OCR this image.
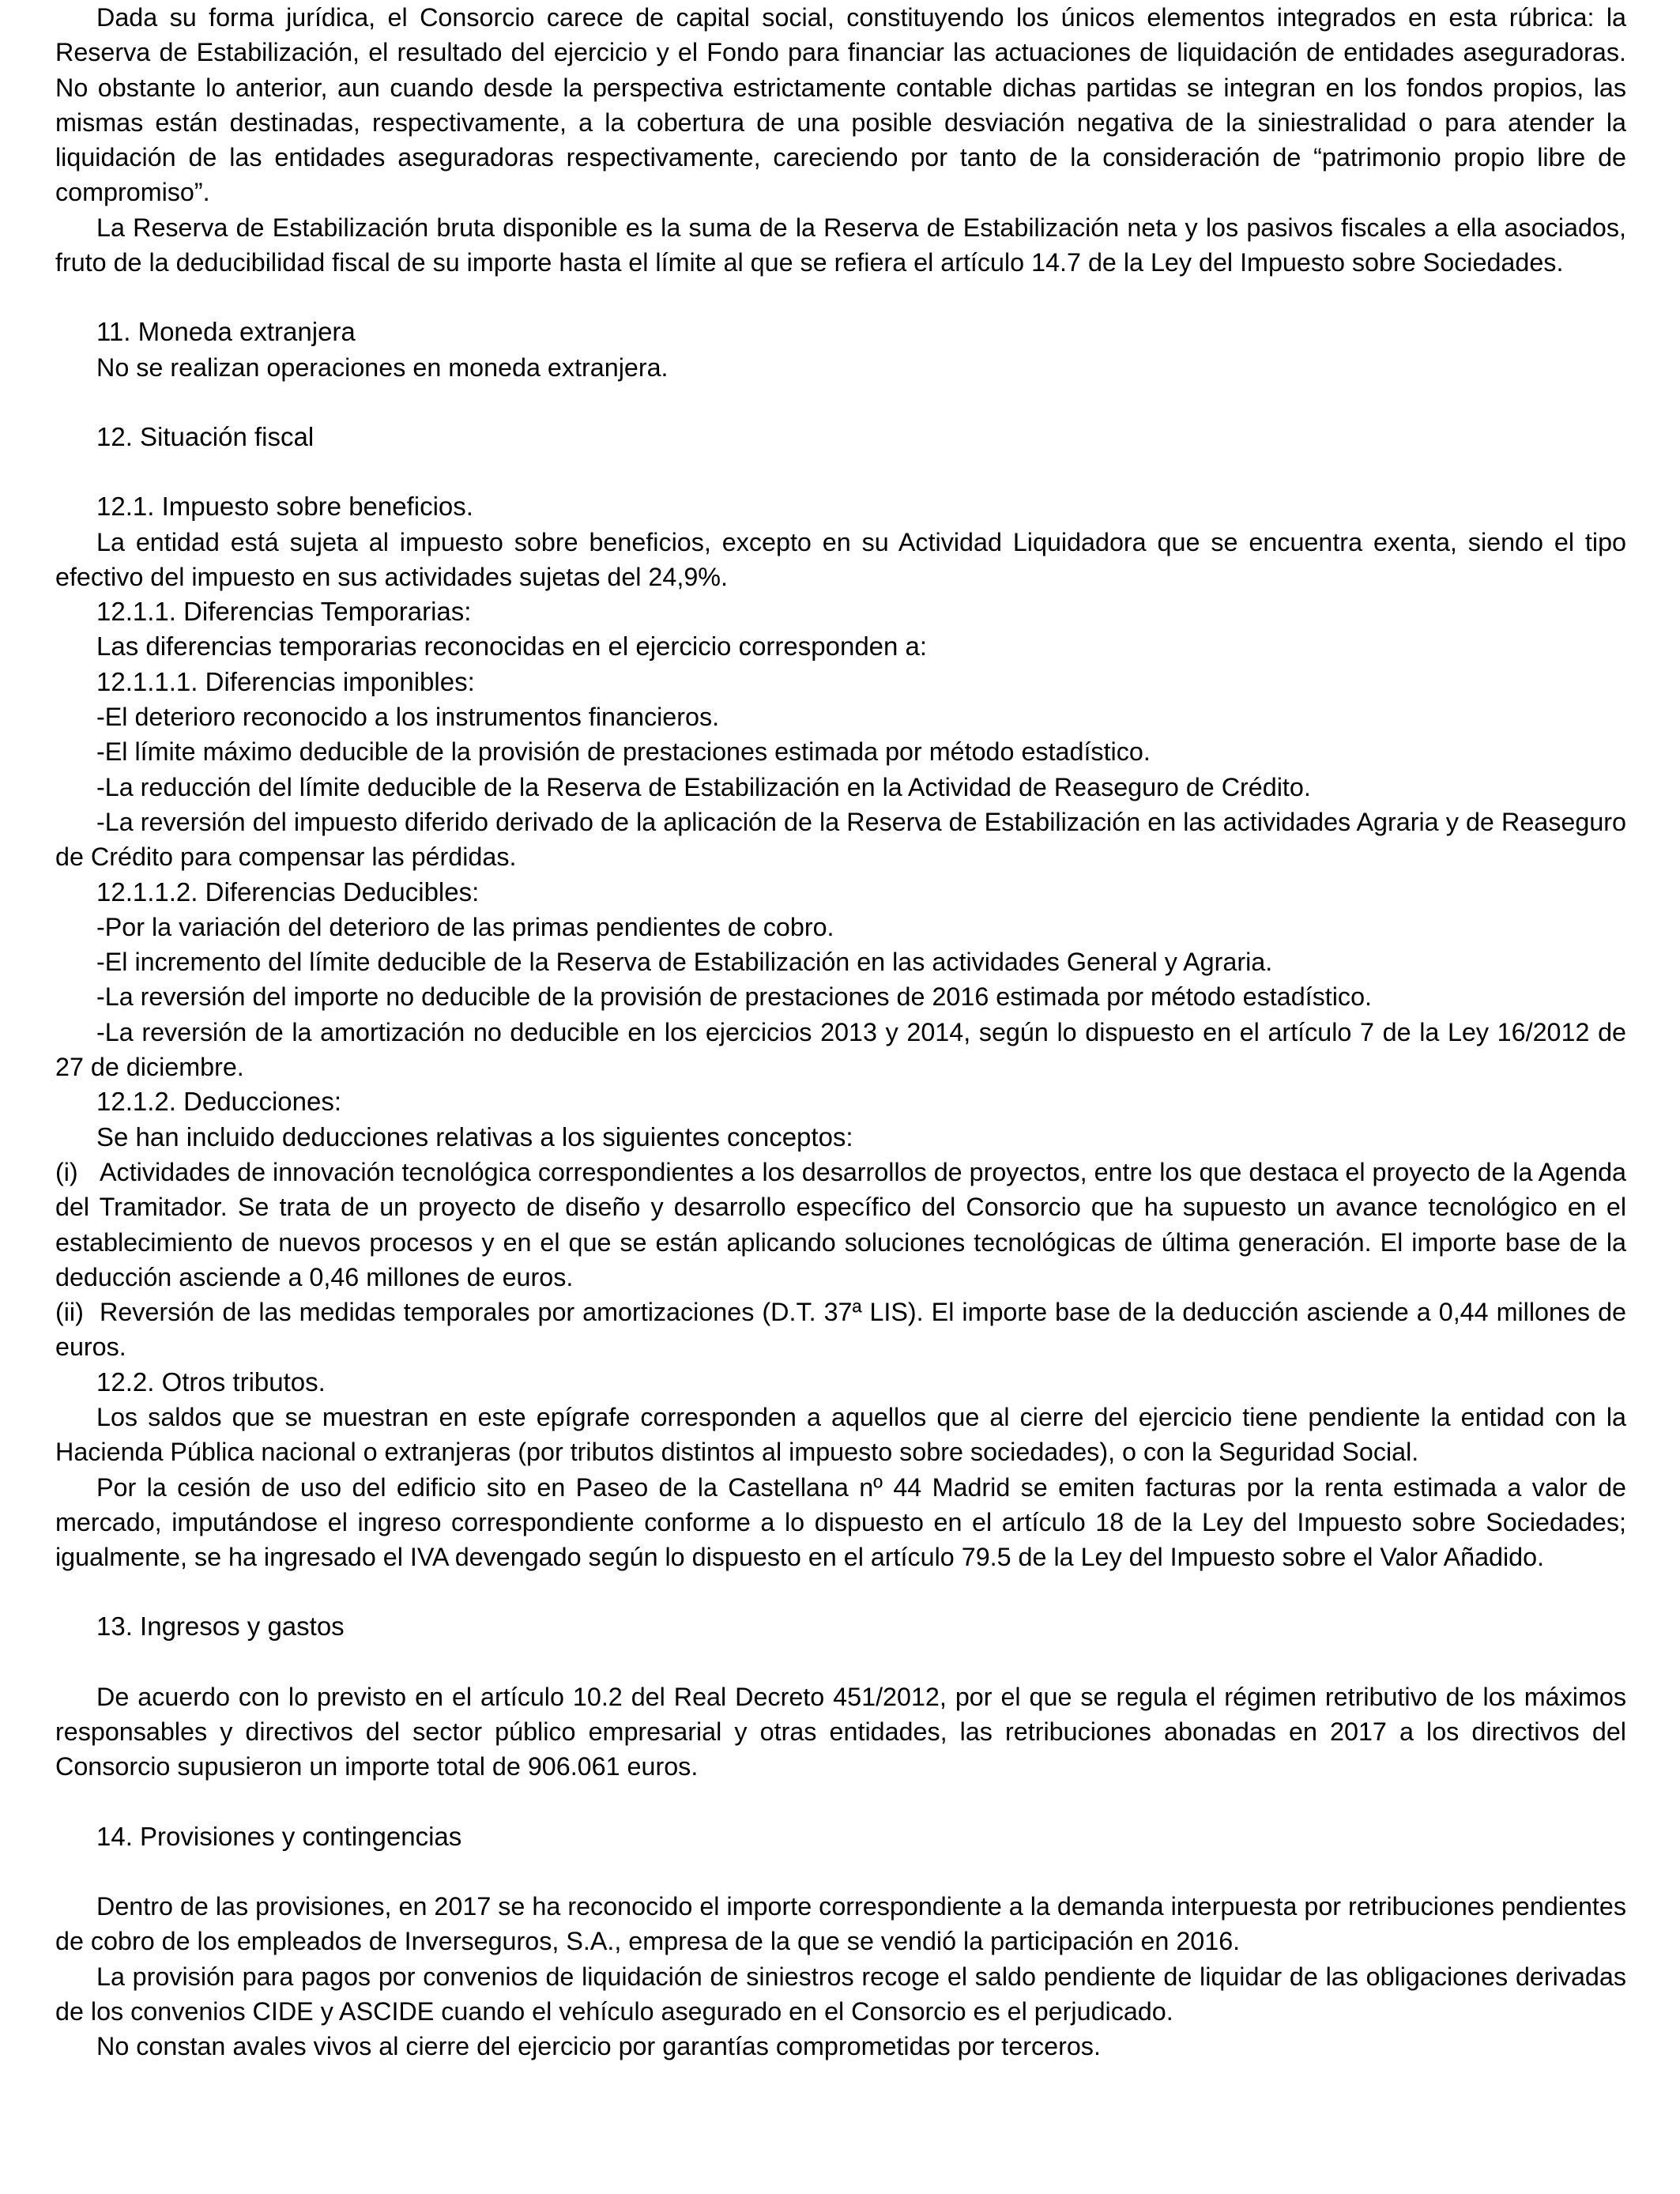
Dada su forma jurídica, el Consorcio carece de capital social, constituyendo los únicos elementos integrados en esta rúbrica: la Reserva de Estabilización, el resultado del ejercicio y el Fondo para financiar las actuaciones de liquidación de entidades aseguradoras. No obstante lo anterior, aun cuando desde la perspectiva estrictamente contable dichas partidas se integran en los fondos propios, las mismas están destinadas, respectivamente, a la cobertura de una posible desviación negativa de la siniestralidad o para atender la liquidación de las entidades aseguradoras respectivamente, careciendo por tanto de la consideración de “patrimonio propio libre de compromiso”.

La Reserva de Estabilización bruta disponible es la suma de la Reserva de Estabilización neta y los pasivos fiscales a ella asociados, fruto de la deducibilidad fiscal de su importe hasta el límite al que se refiera el artículo 14.7 de la Ley del Impuesto sobre Sociedades.

11. Moneda extranjera

No se realizan operaciones en moneda extranjera.

12. Situación fiscal

12.1. Impuesto sobre beneficios.

La entidad está sujeta al impuesto sobre beneficios, excepto en su Actividad Liquidadora que se encuentra exenta, siendo el tipo efectivo del impuesto en sus actividades sujetas del 24,9%.

12.1.1. Diferencias Temporarias:

Las diferencias temporarias reconocidas en el ejercicio corresponden a:

12.1.1.1. Diferencias imponibles:

-El deterioro reconocido a los instrumentos financieros.

-El límite máximo deducible de la provisión de prestaciones estimada por método estadístico.

-La reducción del límite deducible de la Reserva de Estabilización en la Actividad de Reaseguro de Crédito.

-La reversión del impuesto diferido derivado de la aplicación de la Reserva de Estabilización en las actividades Agraria y de Reaseguro de Crédito para compensar las pérdidas.

12.1.1.2. Diferencias Deducibles:

-Por la variación del deterioro de las primas pendientes de cobro.

-El incremento del límite deducible de la Reserva de Estabilización en las actividades General y Agraria.

-La reversión del importe no deducible de la provisión de prestaciones de 2016 estimada por método estadístico.

-La reversión de la amortización no deducible en los ejercicios 2013 y 2014, según lo dispuesto en el artículo 7 de la Ley 16/2012 de 27 de diciembre.

12.1.2. Deducciones:

Se han incluido deducciones relativas a los siguientes conceptos:

(i) Actividades de innovación tecnológica correspondientes a los desarrollos de proyectos, entre los que destaca el proyecto de la Agenda del Tramitador. Se trata de un proyecto de diseño y desarrollo específico del Consorcio que ha supuesto un avance tecnológico en el establecimiento de nuevos procesos y en el que se están aplicando soluciones tecnológicas de última generación. El importe base de la deducción asciende a 0,46 millones de euros.

(ii) Reversión de las medidas temporales por amortizaciones (D.T. 37ª LIS). El importe base de la deducción asciende a 0,44 millones de euros.

12.2. Otros tributos.

Los saldos que se muestran en este epígrafe corresponden a aquellos que al cierre del ejercicio tiene pendiente la entidad con la Hacienda Pública nacional o extranjeras (por tributos distintos al impuesto sobre sociedades), o con la Seguridad Social.

Por la cesión de uso del edificio sito en Paseo de la Castellana nº 44 Madrid se emiten facturas por la renta estimada a valor de mercado, imputándose el ingreso correspondiente conforme a lo dispuesto en el artículo 18 de la Ley del Impuesto sobre Sociedades; igualmente, se ha ingresado el IVA devengado según lo dispuesto en el artículo 79.5 de la Ley del Impuesto sobre el Valor Añadido.

13. Ingresos y gastos

De acuerdo con lo previsto en el artículo 10.2 del Real Decreto 451/2012, por el que se regula el régimen retributivo de los máximos responsables y directivos del sector público empresarial y otras entidades, las retribuciones abonadas en 2017 a los directivos del Consorcio supusieron un importe total de 906.061 euros.

14. Provisiones y contingencias

Dentro de las provisiones, en 2017 se ha reconocido el importe correspondiente a la demanda interpuesta por retribuciones pendientes de cobro de los empleados de Inverseguros, S.A., empresa de la que se vendió la participación en 2016.

La provisión para pagos por convenios de liquidación de siniestros recoge el saldo pendiente de liquidar de las obligaciones derivadas de los convenios CIDE y ASCIDE cuando el vehículo asegurado en el Consorcio es el perjudicado.

No constan avales vivos al cierre del ejercicio por garantías comprometidas por terceros.
